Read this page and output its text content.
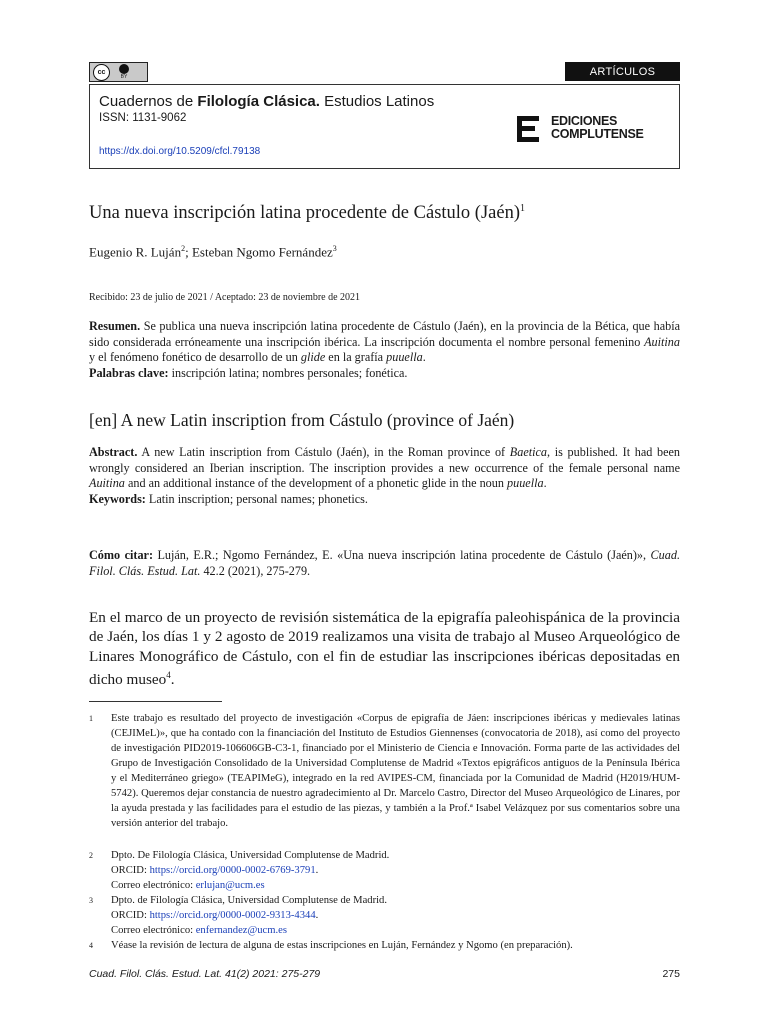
cc
BY	ARTÍCULOS
Cuadernos de Filología Clásica. Estudios Latinos
ISSN: 1131-9062
https://dx.doi.org/10.5209/cfcl.79138
EDICIONES
COMPLUTENSE
Una nueva inscripción latina procedente de Cástulo (Jaén)$^1$
Eugenio R. Luján$^2$; Esteban Ngomo Fernández$^3$
Recibido: 23 de julio de 2021 / Aceptado: 23 de noviembre de 2021
Resumen. Se publica una nueva inscripción latina procedente de Cástulo (Jaén), en la provincia de la Bética, que había sido considerada erróneamente una inscripción ibérica. La inscripción documenta el nombre personal femenino Auitina y el fenómeno fonético de desarrollo de un glide en la grafía puuella.
Palabras clave: inscripción latina; nombres personales; fonética.
[en] A new Latin inscription from Cástulo (province of Jaén)
Abstract. A new Latin inscription from Cástulo (Jaén), in the Roman province of Baetica, is published. It had been wrongly considered an Iberian inscription. The inscription provides a new occurrence of the female personal name Auitina and an additional instance of the development of a phonetic glide in the noun puuella.
Keywords: Latin inscription; personal names; phonetics.
Cómo citar: Luján, E.R.; Ngomo Fernández, E. «Una nueva inscripción latina procedente de Cástulo (Jaén)», Cuad. Filol. Clás. Estud. Lat. 42.2 (2021), 275-279.
En el marco de un proyecto de revisión sistemática de la epigrafía paleohispánica de la provincia de Jaén, los días 1 y 2 agosto de 2019 realizamos una visita de trabajo al Museo Arqueológico de Linares Monográfico de Cástulo, con el fin de estudiar las inscripciones ibéricas depositadas en dicho museo$^4$.
1 Este trabajo es resultado del proyecto de investigación «Corpus de epigrafía de Jáen: inscripciones ibéricas y medievales latinas (CEJIMeL)», que ha contado con la financiación del Instituto de Estudios Giennenses (convocatoria de 2018), así como del proyecto de investigación PID2019-106606GB-C3-1, financiado por el Ministerio de Ciencia e Innovación. Forma parte de las actividades del Grupo de Investigación Consolidado de la Universidad Complutense de Madrid «Textos epigráficos antiguos de la Península Ibérica y el Mediterráneo griego» (TEAPIMeG), integrado en la red AVIPES-CM, financiada por la Comunidad de Madrid (H2019/HUM-5742). Queremos dejar constancia de nuestro agradecimiento al Dr. Marcelo Castro, Director del Museo Arqueológico de Linares, por la ayuda prestada y las facilidades para el estudio de las piezas, y también a la Prof.ª Isabel Velázquez por sus comentarios sobre una versión anterior del trabajo.
2 Dpto. De Filología Clásica, Universidad Complutense de Madrid.
ORCID: https://orcid.org/0000-0002-6769-3791.
Correo electrónico: erlujan@ucm.es
3 Dpto. de Filología Clásica, Universidad Complutense de Madrid.
ORCID: https://orcid.org/0000-0002-9313-4344.
Correo electrónico: enfernandez@ucm.es
4 Véase la revisión de lectura de alguna de estas inscripciones en Luján, Fernández y Ngomo (en preparación).
Cuad. Filol. Clás. Estud. Lat. 41(2) 2021: 275-279	275
